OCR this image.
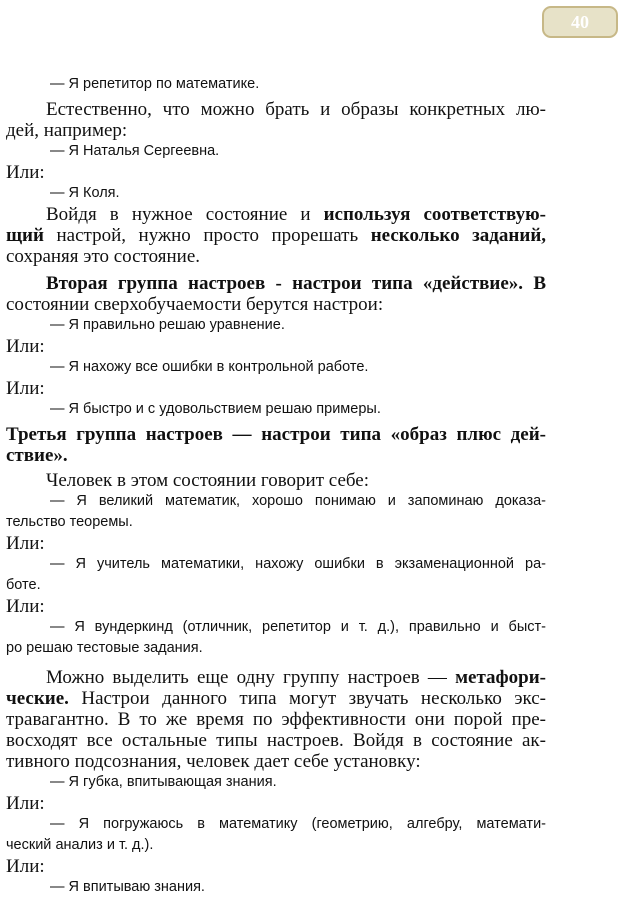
40
— Я репетитор по математике.
Естественно, что можно брать и образы конкретных лю-
дей, например:
— Я Наталья Сергеевна.
Или:
— Я Коля.
Войдя в нужное состояние и используя соответствую-
щий настрой, нужно просто прорешать несколько заданий,
сохраняя это состояние.
Вторая группа настроев - настрои типа «действие». В
состоянии сверхобучаемости берутся настрои:
— Я правильно решаю уравнение.
Или:
— Я нахожу все ошибки в контрольной работе.
Или:
— Я быстро и с удовольствием решаю примеры.
Третья группа настроев — настрои типа «образ плюс дей-
ствие».
Человек в этом состоянии говорит себе:
— Я великий математик, хорошо понимаю и запоминаю доказа-
тельство теоремы.
Или:
— Я учитель математики, нахожу ошибки в экзаменационной ра-
боте.
Или:
— Я вундеркинд (отличник, репетитор и т. д.), правильно и быст-
ро решаю тестовые задания.
Можно выделить еще одну группу настроев — метафори-
ческие. Настрои данного типа могут звучать несколько экс-
травагантно. В то же время по эффективности они порой пре-
восходят все остальные типы настроев. Войдя в состояние ак-
тивного подсознания, человек дает себе установку:
— Я губка, впитывающая знания.
Или:
— Я погружаюсь в математику (геометрию, алгебру, математи-
ческий анализ и т. д.).
Или:
— Я впитываю знания.
